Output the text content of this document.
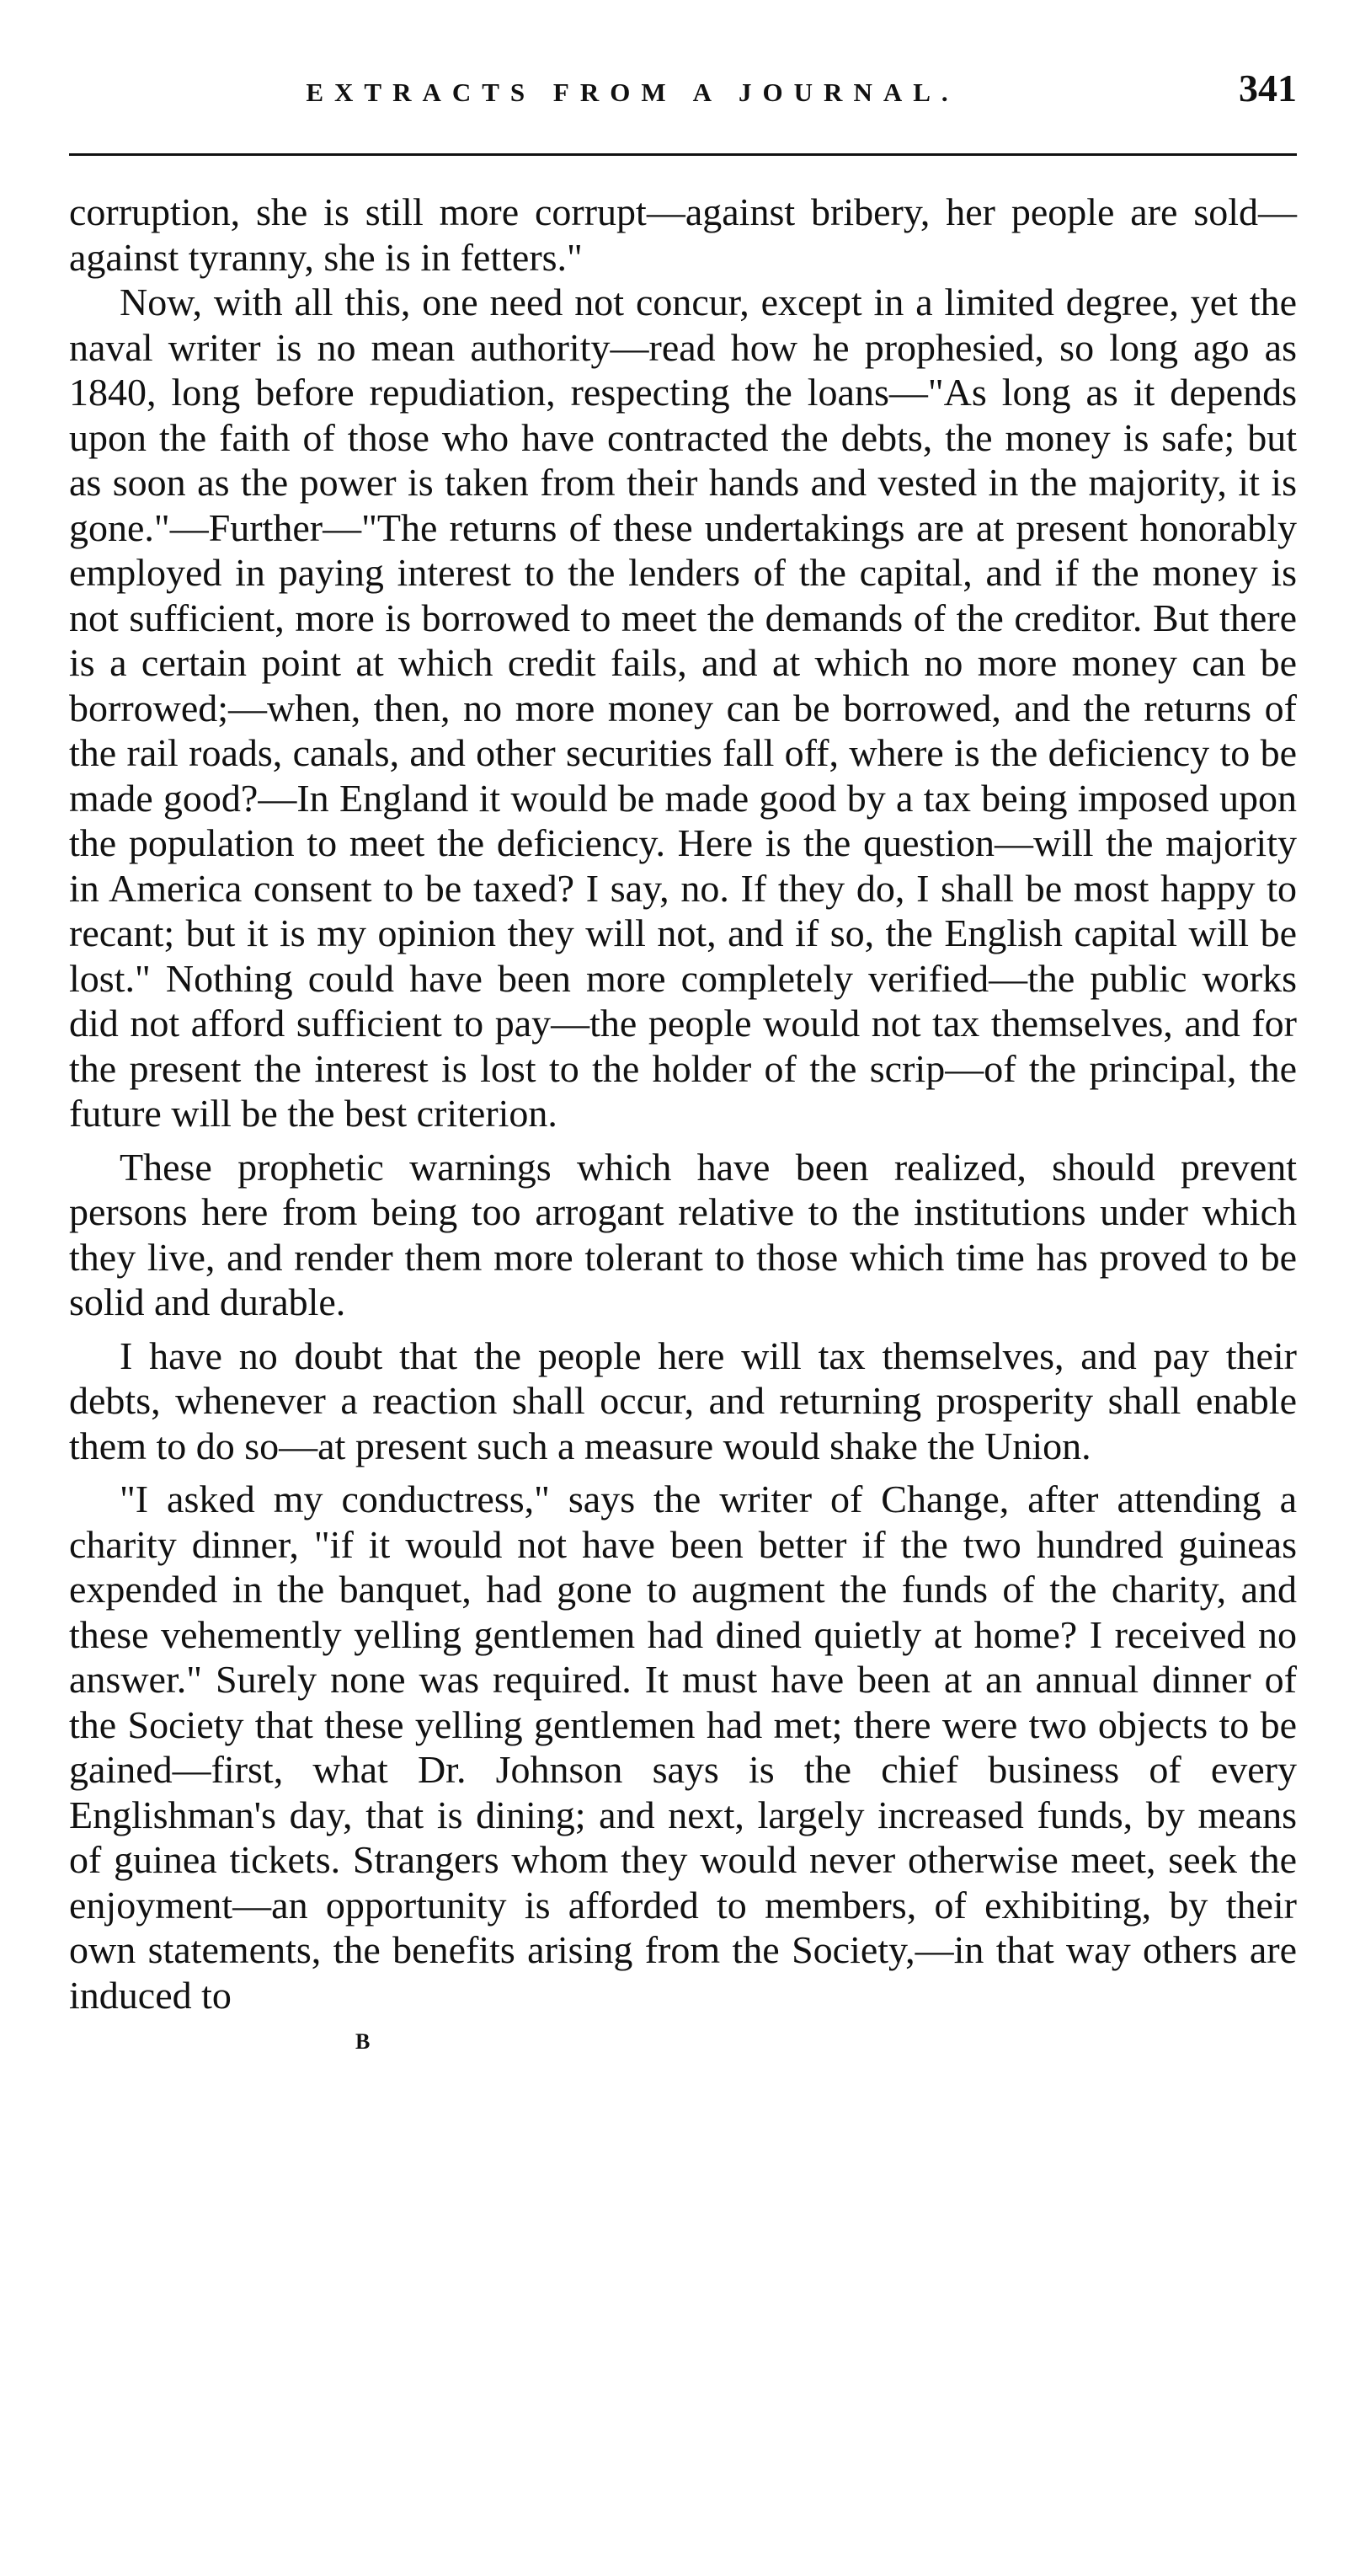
EXTRACTS FROM A JOURNAL.	341

corruption, she is still more corrupt—against bribery, her people are sold—against tyranny, she is in fetters."

Now, with all this, one need not concur, except in a limited degree, yet the naval writer is no mean authority—read how he prophesied, so long ago as 1840, long before repudiation, respecting the loans—"As long as it depends upon the faith of those who have contracted the debts, the money is safe; but as soon as the power is taken from their hands and vested in the majority, it is gone."—Further—"The returns of these undertakings are at present honorably employed in paying interest to the lenders of the capital, and if the money is not sufficient, more is borrowed to meet the demands of the creditor. But there is a certain point at which credit fails, and at which no more money can be borrowed;—when, then, no more money can be borrowed, and the returns of the rail roads, canals, and other securities fall off, where is the deficiency to be made good?—In England it would be made good by a tax being imposed upon the population to meet the deficiency. Here is the question—will the majority in America consent to be taxed? I say, no. If they do, I shall be most happy to recant; but it is my opinion they will not, and if so, the English capital will be lost." Nothing could have been more completely verified—the public works did not afford sufficient to pay—the people would not tax themselves, and for the present the interest is lost to the holder of the scrip—of the principal, the future will be the best criterion.

These prophetic warnings which have been realized, should prevent persons here from being too arrogant relative to the institutions under which they live, and render them more tolerant to those which time has proved to be solid and durable.

I have no doubt that the people here will tax themselves, and pay their debts, whenever a reaction shall occur, and returning prosperity shall enable them to do so—at present such a measure would shake the Union.

"I asked my conductress," says the writer of Change, after attending a charity dinner, "if it would not have been better if the two hundred guineas expended in the banquet, had gone to augment the funds of the charity, and these vehemently yelling gentlemen had dined quietly at home? I received no answer." Surely none was required. It must have been at an annual dinner of the Society that these yelling gentlemen had met; there were two objects to be gained—first, what Dr. Johnson says is the chief business of every Englishman's day, that is dining; and next, largely increased funds, by means of guinea tickets. Strangers whom they would never otherwise meet, seek the enjoyment—an opportunity is afforded to members, of exhibiting, by their own statements, the benefits arising from the Society,—in that way others are induced to

B
